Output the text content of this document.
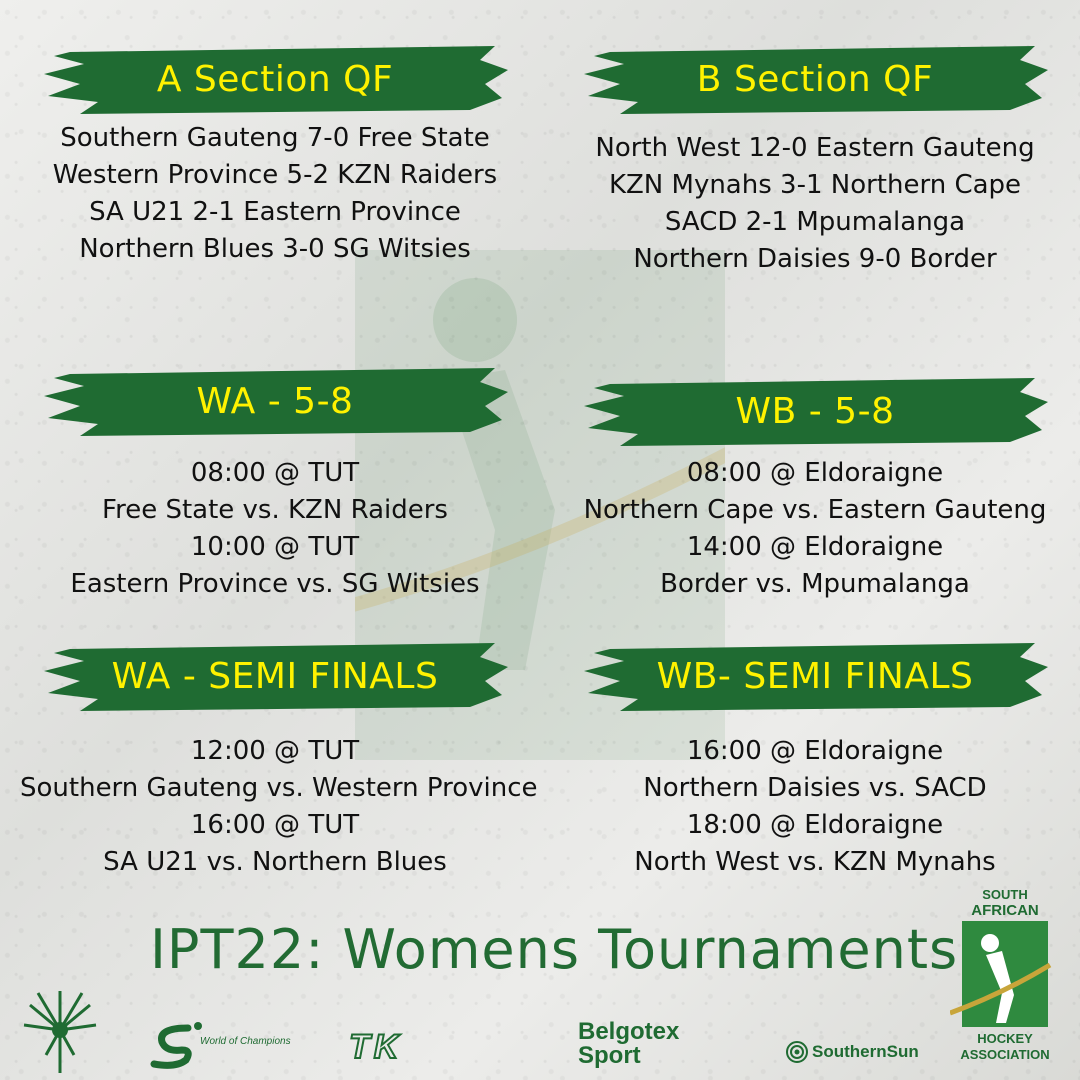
A Section QF
Southern Gauteng 7-0 Free State
Western Province 5-2 KZN Raiders
SA U21 2-1 Eastern Province
Northern Blues 3-0 SG Witsies
B Section QF
North West 12-0 Eastern Gauteng
KZN Mynahs 3-1 Northern Cape
SACD 2-1 Mpumalanga
Northern Daisies 9-0 Border
WA - 5-8
08:00 @ TUT
Free State vs. KZN Raiders
10:00 @ TUT
Eastern Province vs. SG Witsies
WB - 5-8
08:00 @ Eldoraigne
Northern Cape vs. Eastern Gauteng
14:00 @ Eldoraigne
Border vs. Mpumalanga
WA - SEMI FINALS
12:00 @ TUT
Southern Gauteng vs. Western Province
16:00 @ TUT
SA U21 vs. Northern Blues
WB- SEMI FINALS
16:00 @ Eldoraigne
Northern Daisies vs. SACD
18:00 @ Eldoraigne
North West vs. KZN Mynahs
IPT22: Womens Tournaments
SOUTH
AFRICAN
HOCKEY
ASSOCIATION
World of Champions TK	Belgotex
Sport	SouthernSun
